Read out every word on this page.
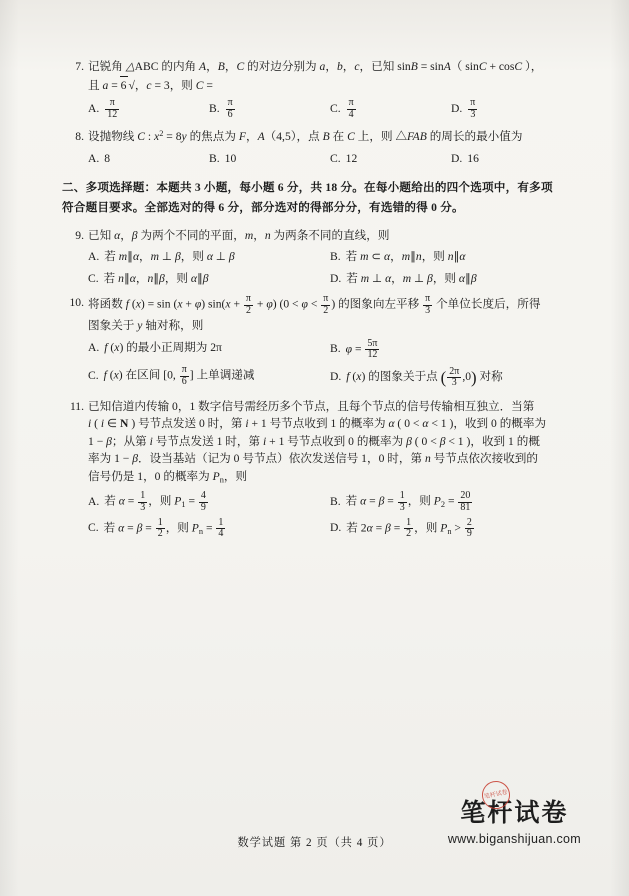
7. 记锐角 △ABC 的内角 A，B，C 的对边分别为 a，b，c，已知 sinB = sinA（ sinC + cosC ），
且 a = 6 √​，c = 3，则 C =
A. $\frac{\pi}{12}$	B. $\frac{\pi}{6}$	C. $\frac{\pi}{4}$	D. $\frac{\pi}{3}$
8. 设抛物线 C : $x^2 = 8y$ 的焦点为 F，A（4,5），点 B 在 C 上，则 △FAB 的周长的最小值为
A. 8	B. 10	C. 12	D. 16
二、多项选择题：本题共 3 小题，每小题 6 分，共 18 分。在每小题给出的四个选项中，有多项符合题目要求。全部选对的得 6 分，部分选对的得部分分，有选错的得 0 分。
9. 已知 α，β 为两个不同的平面，m，n 为两条不同的直线，则
A. 若 m∥α，m ⊥ β，则 α ⊥ β	B. 若 m ⊂ α，m∥n，则 n∥α
C. 若 n∥α，n∥β，则 α∥β	D. 若 m ⊥ α，m ⊥ β，则 α∥β
10. 将函数 f (x) = sin (x + φ) $\sin(x + \frac{\pi}{2} + \varphi)$ ($0 < \varphi < \frac{\pi}{2}$ ) 的图象向左平移 $\frac{\pi}{3}$ 个单位长度后，所得
图象关于 y 轴对称，则
A. f (x) 的最小正周期为 2π	B. $\varphi = \frac{5\pi}{12}$
C. f (x) 在区间 [0, $\frac{\pi}{6}$ ] 上单调递减	D. f (x) 的图象关于点 ( $\frac{2\pi}{3} ,0$) 对称
11. 已知信道内传输 0，1 数字信号需经历多个节点，且每个节点的信号传输相互独立．当第
i ( i ∈ N ) 号节点发送 0 时，第 i + 1 号节点收到 1 的概率为 α ( 0 < α < 1 )，收到 0 的概率为
1 − β；从第 i 号节点发送 1 时，第 i + 1 号节点收到 0 的概率为 β ( 0 < β < 1 )，收到 1 的概
率为 1 − β．设当基站（记为 0 号节点）依次发送信号 1，0 时，第 n 号节点依次接收到的
信号仍是 1，0 的概率为 $P_n$，则
A. 若 $\alpha = \frac{1}{3}$ ，则 $P_1 = \frac{4}{9}$	B. 若 $\alpha = \beta = \frac{1}{3}$ ，则 $P_2 = \frac{20}{81}$
C. 若 $\alpha = \beta = \frac{1}{2}$ ，则 $P_n = \frac{1}{4}$	D. 若 $2\alpha = \beta = \frac{1}{2}$ ，则 $P_n > \frac{2}{9}$
数学试题 第 2 页（共 4 页）
笔杆试卷
笔杆试卷
www.biganshijuan.com
